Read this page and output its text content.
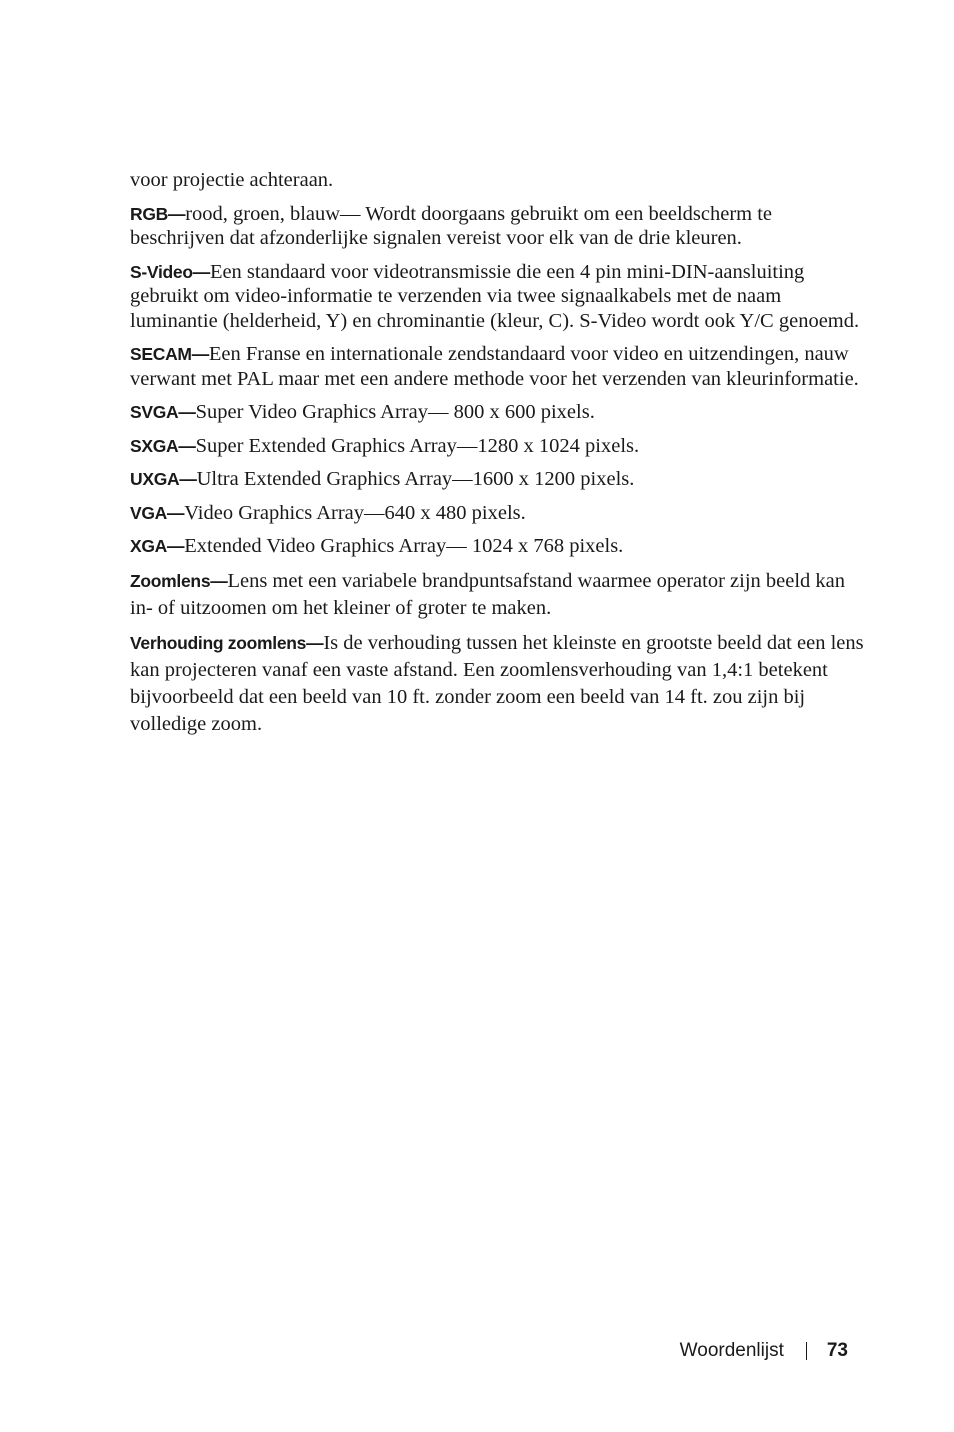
voor projectie achteraan.

RGB—rood, groen, blauw— Wordt doorgaans gebruikt om een beeldscherm te beschrijven dat afzonderlijke signalen vereist voor elk van de drie kleuren.

S-Video—Een standaard voor videotransmissie die een 4 pin mini-DIN-aansluiting gebruikt om video-informatie te verzenden via twee signaalkabels met de naam luminantie (helderheid, Y) en chrominantie (kleur, C). S-Video wordt ook Y/C genoemd.

SECAM—Een Franse en internationale zendstandaard voor video en uitzendingen, nauw verwant met PAL maar met een andere methode voor het verzenden van kleurinformatie.

SVGA—Super Video Graphics Array— 800 x 600 pixels.

SXGA—Super Extended Graphics Array—1280 x 1024 pixels.

UXGA—Ultra Extended Graphics Array—1600 x 1200 pixels.

VGA—Video Graphics Array—640 x 480 pixels.

XGA—Extended Video Graphics Array— 1024 x 768 pixels.

Zoomlens—Lens met een variabele brandpuntsafstand waarmee operator zijn beeld kan in- of uitzoomen om het kleiner of groter te maken.

Verhouding zoomlens—Is de verhouding tussen het kleinste en grootste beeld dat een lens kan projecteren vanaf een vaste afstand. Een zoomlensverhouding van 1,4:1 betekent bijvoorbeeld dat een beeld van 10 ft. zonder zoom een beeld van 14 ft. zou zijn bij volledige zoom.

Woordenlijst 73
